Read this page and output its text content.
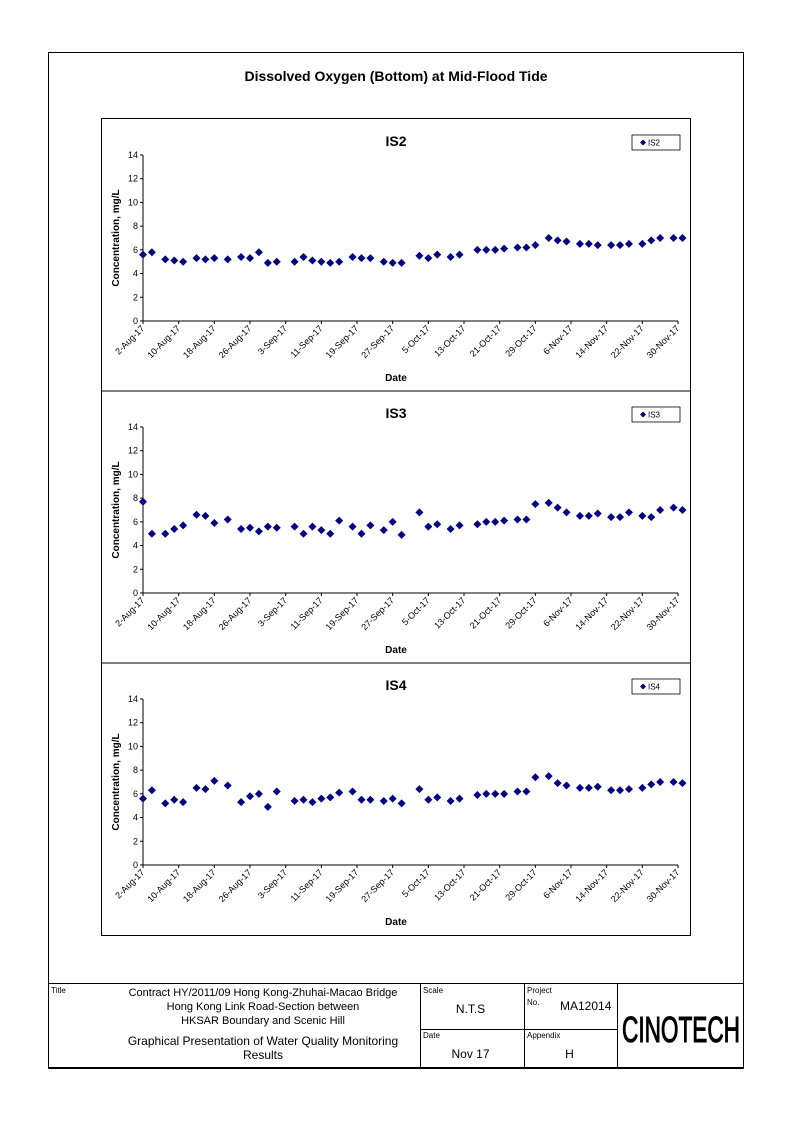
Dissolved Oxygen (Bottom) at Mid-Flood Tide
IS2
0
2
4
6
8
10
12
14
2-Aug-17
10-Aug-17
18-Aug-17
26-Aug-17 3-Sep-17 11-Sep-17
19-Sep-17
27-Sep-17 5-Oct-17 13-Oct-17 21-Oct-17 29-Oct-17 6-Nov-17
14-Nov-17
22-Nov-17
30-Nov-17
Date
Concentration, mg/L
IS2
IS3
0
2
4
6
8
10
12
14
2-Aug-17
10-Aug-17
18-Aug-17
26-Aug-17 3-Sep-17 11-Sep-17
19-Sep-17
27-Sep-17 5-Oct-17 13-Oct-17 21-Oct-17 29-Oct-17 6-Nov-17
14-Nov-17
22-Nov-17
30-Nov-17
Date
Concentration, mg/L
IS3
IS4
0
2
4
6
8
10
12
14
2-Aug-17
10-Aug-17
18-Aug-17
26-Aug-17 3-Sep-17 11-Sep-17
19-Sep-17
27-Sep-17 5-Oct-17 13-Oct-17 21-Oct-17 29-Oct-17 6-Nov-17
14-Nov-17
22-Nov-17
30-Nov-17
Date
Concentration, mg/L
IS4
Title	Contract HY/2011/09 Hong Kong-Zhuhai-Macao Bridge
Hong Kong Link Road-Section between
HKSAR Boundary and Scenic Hill
Graphical Presentation of Water Quality Monitoring
Results
Scale
N.T.S
Date
Nov 17
Project
No. MA12014
Appendix
H
CINOTECH
